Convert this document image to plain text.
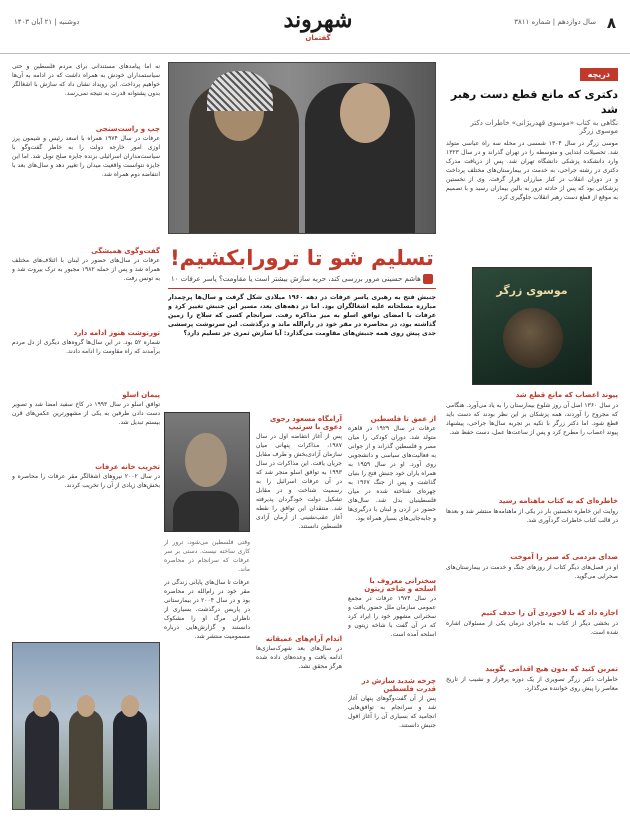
۸
سال دوازدهم | شماره ۳۸۱۱
شهروند
گفتمان
دوشنبه | ۲۱ آبان ۱۴۰۳
دریچه
دکتری که مانع قطع دست رهبر شد
نگاهی به کتاب «موسوی قهدریژانی» خاطرات دکتر موسوی زرگر
موسی زرگر در سال ۱۳۰۴ شمسی در محله سه راه عباسی متولد شد. تحصیلات ابتدایی و متوسطه را در تهران گذراند و در سال ۱۳۲۳ وارد دانشکده پزشکی دانشگاه تهران شد. پس از دریافت مدرک دکتری در رشته جراحی، به خدمت در بیمارستان‌های مختلف پرداخت و در دوران انقلاب در کنار مبارزان قرار گرفت. وی از نخستین پزشکانی بود که پس از حادثه ترور به بالین بیماران رسید و با تصمیم به موقع از قطع دست رهبر انقلاب جلوگیری کرد.
موسوی زرگر
پیوند اعصاب که مانع قطع شد
در سال ۱۳۶۰ اصل آن روز شلوغ بیمارستان را به یاد می‌آورد. هنگامی که مجروح را آوردند، همه پزشکان بر این نظر بودند که دست باید قطع شود. اما دکتر زرگر با تکیه بر تجربه سال‌ها جراحی، پیشنهاد پیوند اعصاب را مطرح کرد و پس از ساعت‌ها عمل، دست حفظ شد.
خاطره‌ای که به کتاب ماهنامه رسید
روایت این خاطره نخستین بار در یکی از ماهنامه‌ها منتشر شد و بعدها در قالب کتاب خاطرات گردآوری شد.
صدای مردمی که صبر را آموخت
او در فصل‌های دیگر کتاب از روزهای جنگ و خدمت در بیمارستان‌های صحرایی می‌گوید.
اجازه داد که با لاجوردی آن را حذف کنیم
در بخشی دیگر از کتاب به ماجرای درمان یکی از مسئولان اشاره شده است.
تمرین کنید که بدون هیچ اقدامی بگویید
خاطرات دکتر زرگر تصویری از یک دوره پرفراز و نشیب از تاریخ معاصر را پیش روی خواننده می‌گذارد.
نه اما پیامدهای مستندانی برای مردم فلسطین و حتی سیاستمداران خودش به همراه داشت که در ادامه به آن‌ها خواهیم پرداخت. این رویداد نشان داد که سازش با اشغالگر بدون پشتوانه قدرت به نتیجه نمی‌رسد.
چپ و راست‌سنجی
عرفات در سال ۱۹۷۴ همراه با اسعد رئیس و شیمون پرز اوزی امور خارجه دولت را به خاطر گفت‌وگو با سیاست‌مداران اسرائیلی برنده جایزه صلح نوبل شد. اما این جایزه نتوانست واقعیت میدان را تغییر دهد و سال‌های بعد با انتفاضه دوم همراه شد.
گفت‌وگوی همیشگی
عرفات در سال‌های حضور در لبنان با ائتلاف‌های مختلف همراه شد و پس از حمله ۱۹۸۲ مجبور به ترک بیروت شد و به تونس رفت.
تورنوشت هنوز ادامه دارد
شماره ۵۲ بود. در این سال‌ها گروه‌های دیگری از دل مردم برآمدند که راه مقاومت را ادامه دادند.
پیمان اسلو
توافق اسلو در سال ۱۹۹۳ در کاخ سفید امضا شد و تصویر دست دادن طرفین به یکی از مشهورترین عکس‌های قرن بیستم تبدیل شد.
تخریب خانه عرفات
در سال ۲۰۰۲ نیروهای اشغالگر مقر عرفات را محاصره و بخش‌های زیادی از آن را تخریب کردند.
تسلیم شو تا ترورابکشیم!
هاشم حسینی مرور بررسی کند، حربه سازش بیشتر است یا مقاومت؟ یاسر عرفات ۱۰
جنبش فتح به رهبری یاسر عرفات در دهه ۱۹۶۰ میلادی شکل گرفت و سال‌ها پرچمدار مبارزه مسلحانه علیه اشغالگران بود. اما در دهه‌های بعد، مسیر این جنبش تغییر کرد و عرفات با امضای توافق اسلو به میز مذاکره رفت. سرانجام کسی که سلاح را زمین گذاشته بود، در محاصره در مقر خود در رام‌الله ماند و درگذشت. این سرنوشت پرسشی جدی پیش روی همه جنبش‌های مقاومت می‌گذارد: آیا سازش ثمری جز تسلیم دارد؟
از عمق تا فلسطین
عرفات در سال ۱۹۲۹ در قاهره متولد شد. دوران کودکی را میان مصر و فلسطین گذراند و از جوانی به فعالیت‌های سیاسی و دانشجویی روی آورد. او در سال ۱۹۵۹ به همراه یاران خود جنبش فتح را بنیان گذاشت و پس از جنگ ۱۹۶۷ به چهره‌ای شناخته شده در میان فلسطینیان بدل شد. سال‌های حضور در اردن و لبنان با درگیری‌ها و جابه‌جایی‌های بسیار همراه بود.
سخنرانی معروف با اسلحه و شاخه زیتون
در سال ۱۹۷۴ عرفات در مجمع عمومی سازمان ملل حضور یافت و سخنرانی مشهور خود را ایراد کرد که در آن گفت با شاخه زیتون و اسلحه آمده است.
چرخه شدید سازش در قدرت فلسطین
پس از آن گفت‌وگوهای پنهان آغاز شد و سرانجام به توافق‌هایی انجامید که بسیاری آن را آغاز افول جنبش دانستند.
آرامگاه مسعود رجوی دعوی با سرتیپ
پس از آغاز انتفاضه اول در سال ۱۹۸۷، مذاکرات پنهانی میان سازمان آزادی‌بخش و طرف مقابل جریان یافت. این مذاکرات در سال ۱۹۹۳ به توافق اسلو منجر شد که در آن عرفات اسرائیل را به رسمیت شناخت و در مقابل تشکیل دولت خودگردان پذیرفته شد. منتقدان این توافق را نقطه آغاز عقب‌نشینی از آرمان آزادی فلسطین دانستند.
اندام آرام‌های عمیقانه
در سال‌های بعد شهرک‌سازی‌ها ادامه یافت و وعده‌های داده شده هرگز محقق نشد.
وقتی فلسطین می‌شود، ترور از کاری ساخته نیست. دستی بر سر عرفات که سرانجام در محاصره ماند.
عرفات تا سال‌های پایانی زندگی در مقر خود در رام‌الله در محاصره بود و در سال ۲۰۰۴ در بیمارستانی در پاریس درگذشت. بسیاری از ناظران مرگ او را مشکوک دانستند و گزارش‌هایی درباره مسمومیت منتشر شد.
